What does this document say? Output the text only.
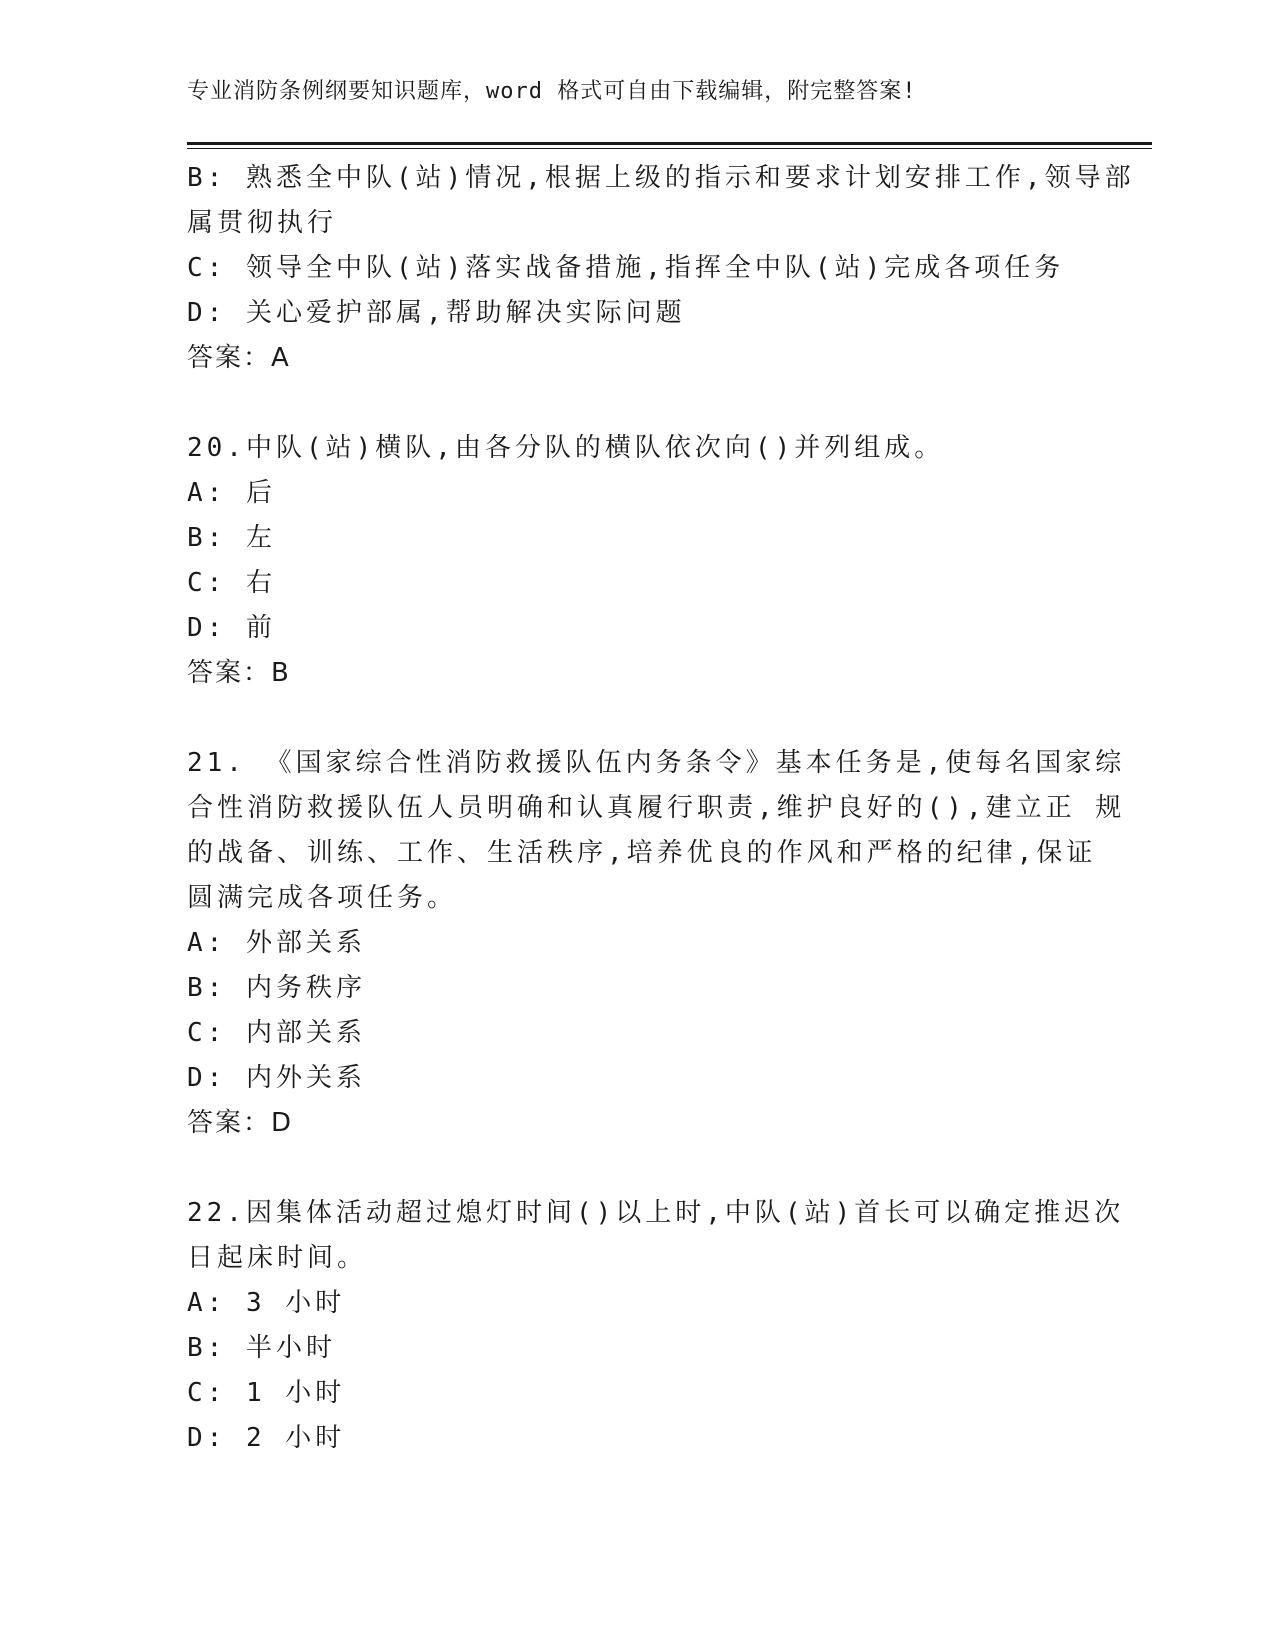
专业消防条例纲要知识题库，word 格式可自由下载编辑，附完整答案!
B: 熟悉全中队(站)情况,根据上级的指示和要求计划安排工作,领导部
属贯彻执行
C: 领导全中队(站)落实战备措施,指挥全中队(站)完成各项任务
D: 关心爱护部属,帮助解决实际问题
答案：A
20.中队(站)横队,由各分队的横队依次向()并列组成。
A: 后
B: 左
C: 右
D: 前
答案：B
21. 《国家综合性消防救援队伍内务条令》基本任务是,使每名国家综
合性消防救援队伍人员明确和认真履行职责,维护良好的(),建立正 规
的战备、训练、工作、生活秩序,培养优良的作风和严格的纪律,保证
圆满完成各项任务。
A: 外部关系
B: 内务秩序
C: 内部关系
D: 内外关系
答案：D
22.因集体活动超过熄灯时间()以上时,中队(站)首长可以确定推迟次
日起床时间。
A: 3 小时
B: 半小时
C: 1 小时
D: 2 小时
